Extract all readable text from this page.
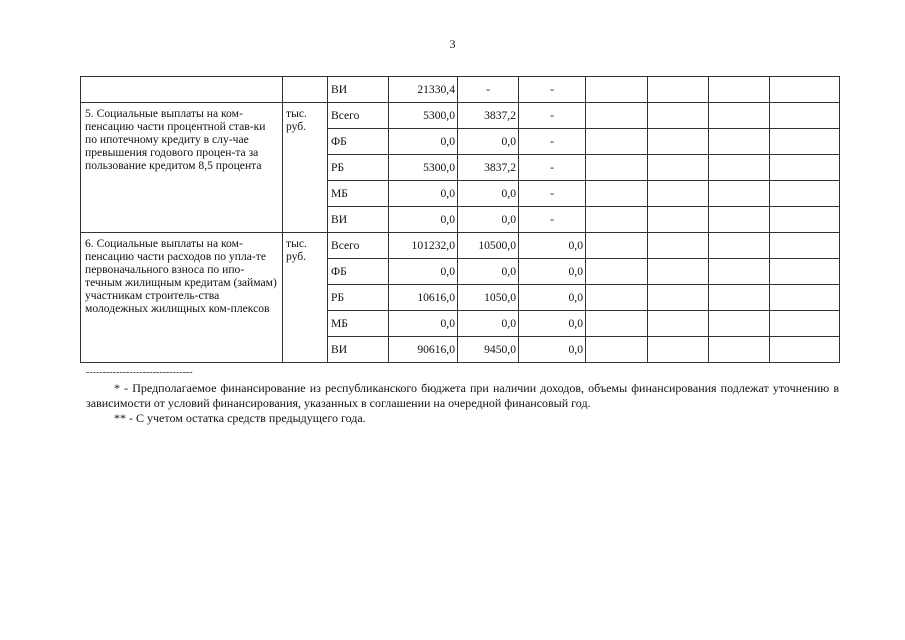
3
		ВИ	21330,4	-	-				
5. Социальные выплаты на ком-пенсацию части процентной став-ки по ипотечному кредиту в слу-чае превышения годового процен-та за пользование кредитом 8,5 процента	тыс. руб.	Всего	5300,0	3837,2	-				
		ФБ	0,0	0,0	-				
		РБ	5300,0	3837,2	-				
		МБ	0,0	0,0	-				
		ВИ	0,0	0,0	-				
6. Социальные выплаты на ком-пенсацию части расходов по упла-те первоначального взноса по ипо-течным жилищным кредитам (займам) участникам строитель-ства молодежных жилищных ком-плексов	тыс. руб.	Всего	101232,0	10500,0	0,0				
		ФБ	0,0	0,0	0,0				
		РБ	10616,0	1050,0	0,0				
		МБ	0,0	0,0	0,0				
		ВИ	90616,0	9450,0	0,0				
--------------------------------
* - Предполагаемое финансирование из республиканского бюджета при наличии доходов, объемы финансирования подлежат уточнению в зависимости от условий финансирования, указанных в соглашении на очередной финансовый год.
** - С учетом остатка средств предыдущего года.
